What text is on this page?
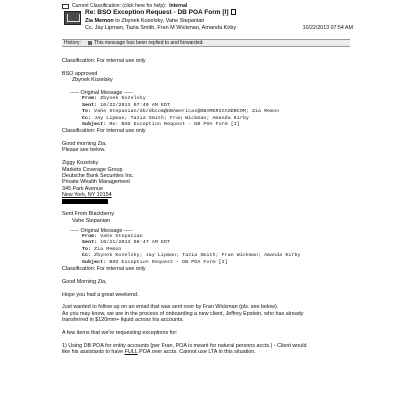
Current Classification: (click here for help): Internal
Re: BSO Exception Request - DB POA Form [I]
Zia Memon to Zbynek Kozelsky, Vahe Stepanian
Cc. Jay Lipman, Tazia Smith, Fran M Wickman, Amanda Kirby	10/22/2013 07:54 AM
History:	This message has been replied to and forwarded.
Classification: For internal use only
BSO approved
Zbynek Kozelsky
----- Original Message -----
From: Zbynek Kozelsky
Sent: 10/22/2013 07:49 AM EDT
To: Vahe Stepanian/db/dbcom@DBAmericas@DBAMERICASDBCOM; Zia Memon
Cc: Jay Lipman; Tazia Smith; Fran Wickman; Amanda Kirby
Subject: Re: BSO Exception Request - DB POA Form [I]
Classification: For internal use only
Good morning Zia,
Please see below.
Ziggy Kozelsky
Markets Coverage Group
Deutsche Bank Securities Inc.
Private Wealth Management
345 Park Avenue
New York, NY 10154
Sent From Blackberry
Vahe Stepanian
----- Original Message -----
From: Vahe Stepanian
Sent: 10/21/2013 08:47 AM EDT
To: Zia Memon
Cc: Zbynek Kozelsky; Jay Lipman; Tazia Smith; Fran Wickman; Amanda Kirby
Subject: BSO Exception Request - DB POA Form [I]
Classification: For internal use only
Good Morning Zia,
Hope you had a great weekend.
Just wanted to follow up on an email that was sent over by Fran Wickman (pls. see below).
As you may know, we are in the process of onboarding a new client, Jeffrey Epstein, who has already
transferred in $120mm+ liquid across his accounts.
A few items that we're requesting exceptions for:
1) Using DB POA for entity accounts (per Fran, POA is meant for natural persons accts.) - Client would
like his assistants to have FULL POA over accts. Cannot use LTA in this situation.
